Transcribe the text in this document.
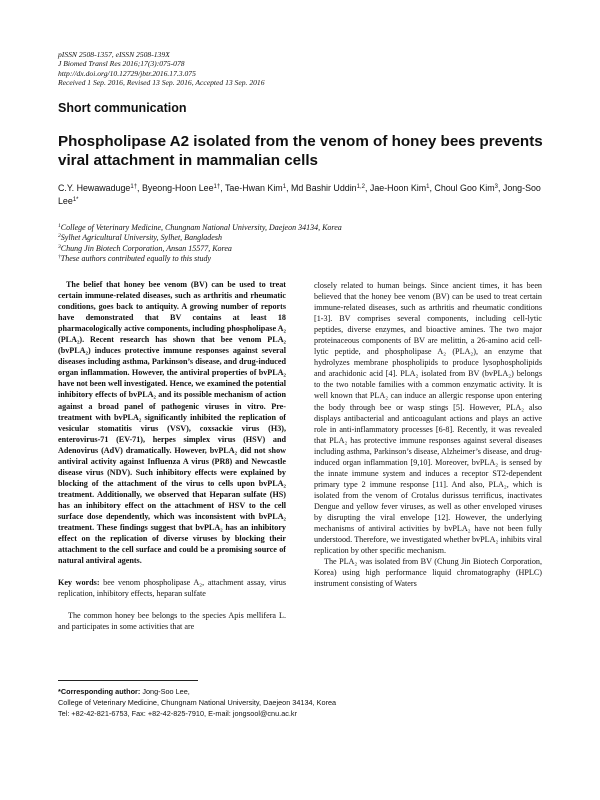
pISSN 2508-1357, eISSN 2508-139X
J Biomed Transl Res 2016;17(3):075-078
http://dx.doi.org/10.12729/jbtr.2016.17.3.075
Received 1 Sep. 2016, Revised 13 Sep. 2016, Accepted 13 Sep. 2016
Short communication
Phospholipase A2 isolated from the venom of honey bees prevents viral attachment in mammalian cells
C.Y. Hewawaduge$^{1\dagger}$, Byeong-Hoon Lee$^{1\dagger}$, Tae-Hwan Kim$^1$, Md Bashir Uddin$^{1,2}$, Jae-Hoon Kim$^1$, Choul Goo Kim$^3$, Jong-Soo Lee$^{1*}$
$^1$College of Veterinary Medicine, Chungnam National University, Daejeon 34134, Korea
$^2$Sylhet Agricultural University, Sylhet, Bangladesh
$^3$Chung Jin Biotech Corporation, Ansan 15577, Korea
†These authors contributed equally to this study

The belief that honey bee venom (BV) can be used to treat certain immune-related diseases, such as arthritis and rheumatic conditions, goes back to antiquity. A growing number of reports have demonstrated that BV contains at least 18 pharmacologically active components, including phospholipase A₂ (PLA₂). Recent research has shown that bee venom PLA₂ (bvPLA₂) induces protective immune responses against several diseases including asthma, Parkinson’s disease, and drug-induced organ inflammation. However, the antiviral properties of bvPLA₂ have not been well investigated. Hence, we examined the potential inhibitory effects of bvPLA₂ and its possible mechanism of action against a broad panel of pathogenic viruses in vitro. Pre-treatment with bvPLA₂ significantly inhibited the replication of vesicular stomatitis virus (VSV), coxsackie virus (H3), enterovirus-71 (EV-71), herpes simplex virus (HSV) and Adenovirus (AdV) dramatically. However, bvPLA₂ did not show antiviral activity against Influenza A virus (PR8) and Newcastle disease virus (NDV). Such inhibitory effects were explained by blocking of the attachment of the virus to cells upon bvPLA₂ treatment. Additionally, we observed that Heparan sulfate (HS) has an inhibitory effect on the attachment of HSV to the cell surface dose dependently, which was inconsistent with bvPLA₂ treatment. These findings suggest that bvPLA₂ has an inhibitory effect on the replication of diverse viruses by blocking their attachment to the cell surface and could be a promising source of natural antiviral agents.

Key words: bee venom phospholipase A₂, attachment assay, virus replication, inhibitory effects, heparan sulfate

The common honey bee belongs to the species Apis mellifera L. and participates in some activities that are

closely related to human beings. Since ancient times, it has been believed that the honey bee venom (BV) can be used to treat certain immune-related diseases, such as arthritis and rheumatic conditions [1-3]. BV comprises several components, including cell-lytic peptides, diverse enzymes, and bioactive amines. The two major proteinaceous components of BV are melittin, a 26-amino acid cell-lytic peptide, and phospholipase A₂ (PLA₂), an enzyme that hydrolyzes membrane phospholipids to produce lysophospholipids and arachidonic acid [4]. PLA₂ isolated from BV (bvPLA₂) belongs to the two notable families with a common enzymatic activity. It is well known that PLA₂ can induce an allergic response upon entering the body through bee or wasp stings [5]. However, PLA₂ also displays antibacterial and anticoagulant actions and plays an active role in anti-inflammatory processes [6-8]. Recently, it was revealed that PLA₂ has protective immune responses against several diseases including asthma, Parkinson’s disease, Alzheimer’s disease, and drug-induced organ inflammation [9,10]. Moreover, bvPLA₂ is sensed by the innate immune system and induces a receptor ST2-dependent primary type 2 immune response [11]. And also, PLA₂, which is isolated from the venom of Crotalus durissus terrificus, inactivates Dengue and yellow fever viruses, as well as other enveloped viruses by disrupting the viral envelope [12]. However, the underlying mechanisms of antiviral activities by bvPLA₂ have not been fully understood. Therefore, we investigated whether bvPLA₂ inhibits viral replication by other specific mechanism.

The PLA₂ was isolated from BV (Chung Jin Biotech Corporation, Korea) using high performance liquid chromatography (HPLC) instrument consisting of Waters

*Corresponding author: Jong-Soo Lee,
College of Veterinary Medicine, Chungnam National University, Daejeon 34134, Korea
Tel: +82-42-821-6753, Fax: +82-42-825-7910, E-mail: jongsool@cnu.ac.kr
